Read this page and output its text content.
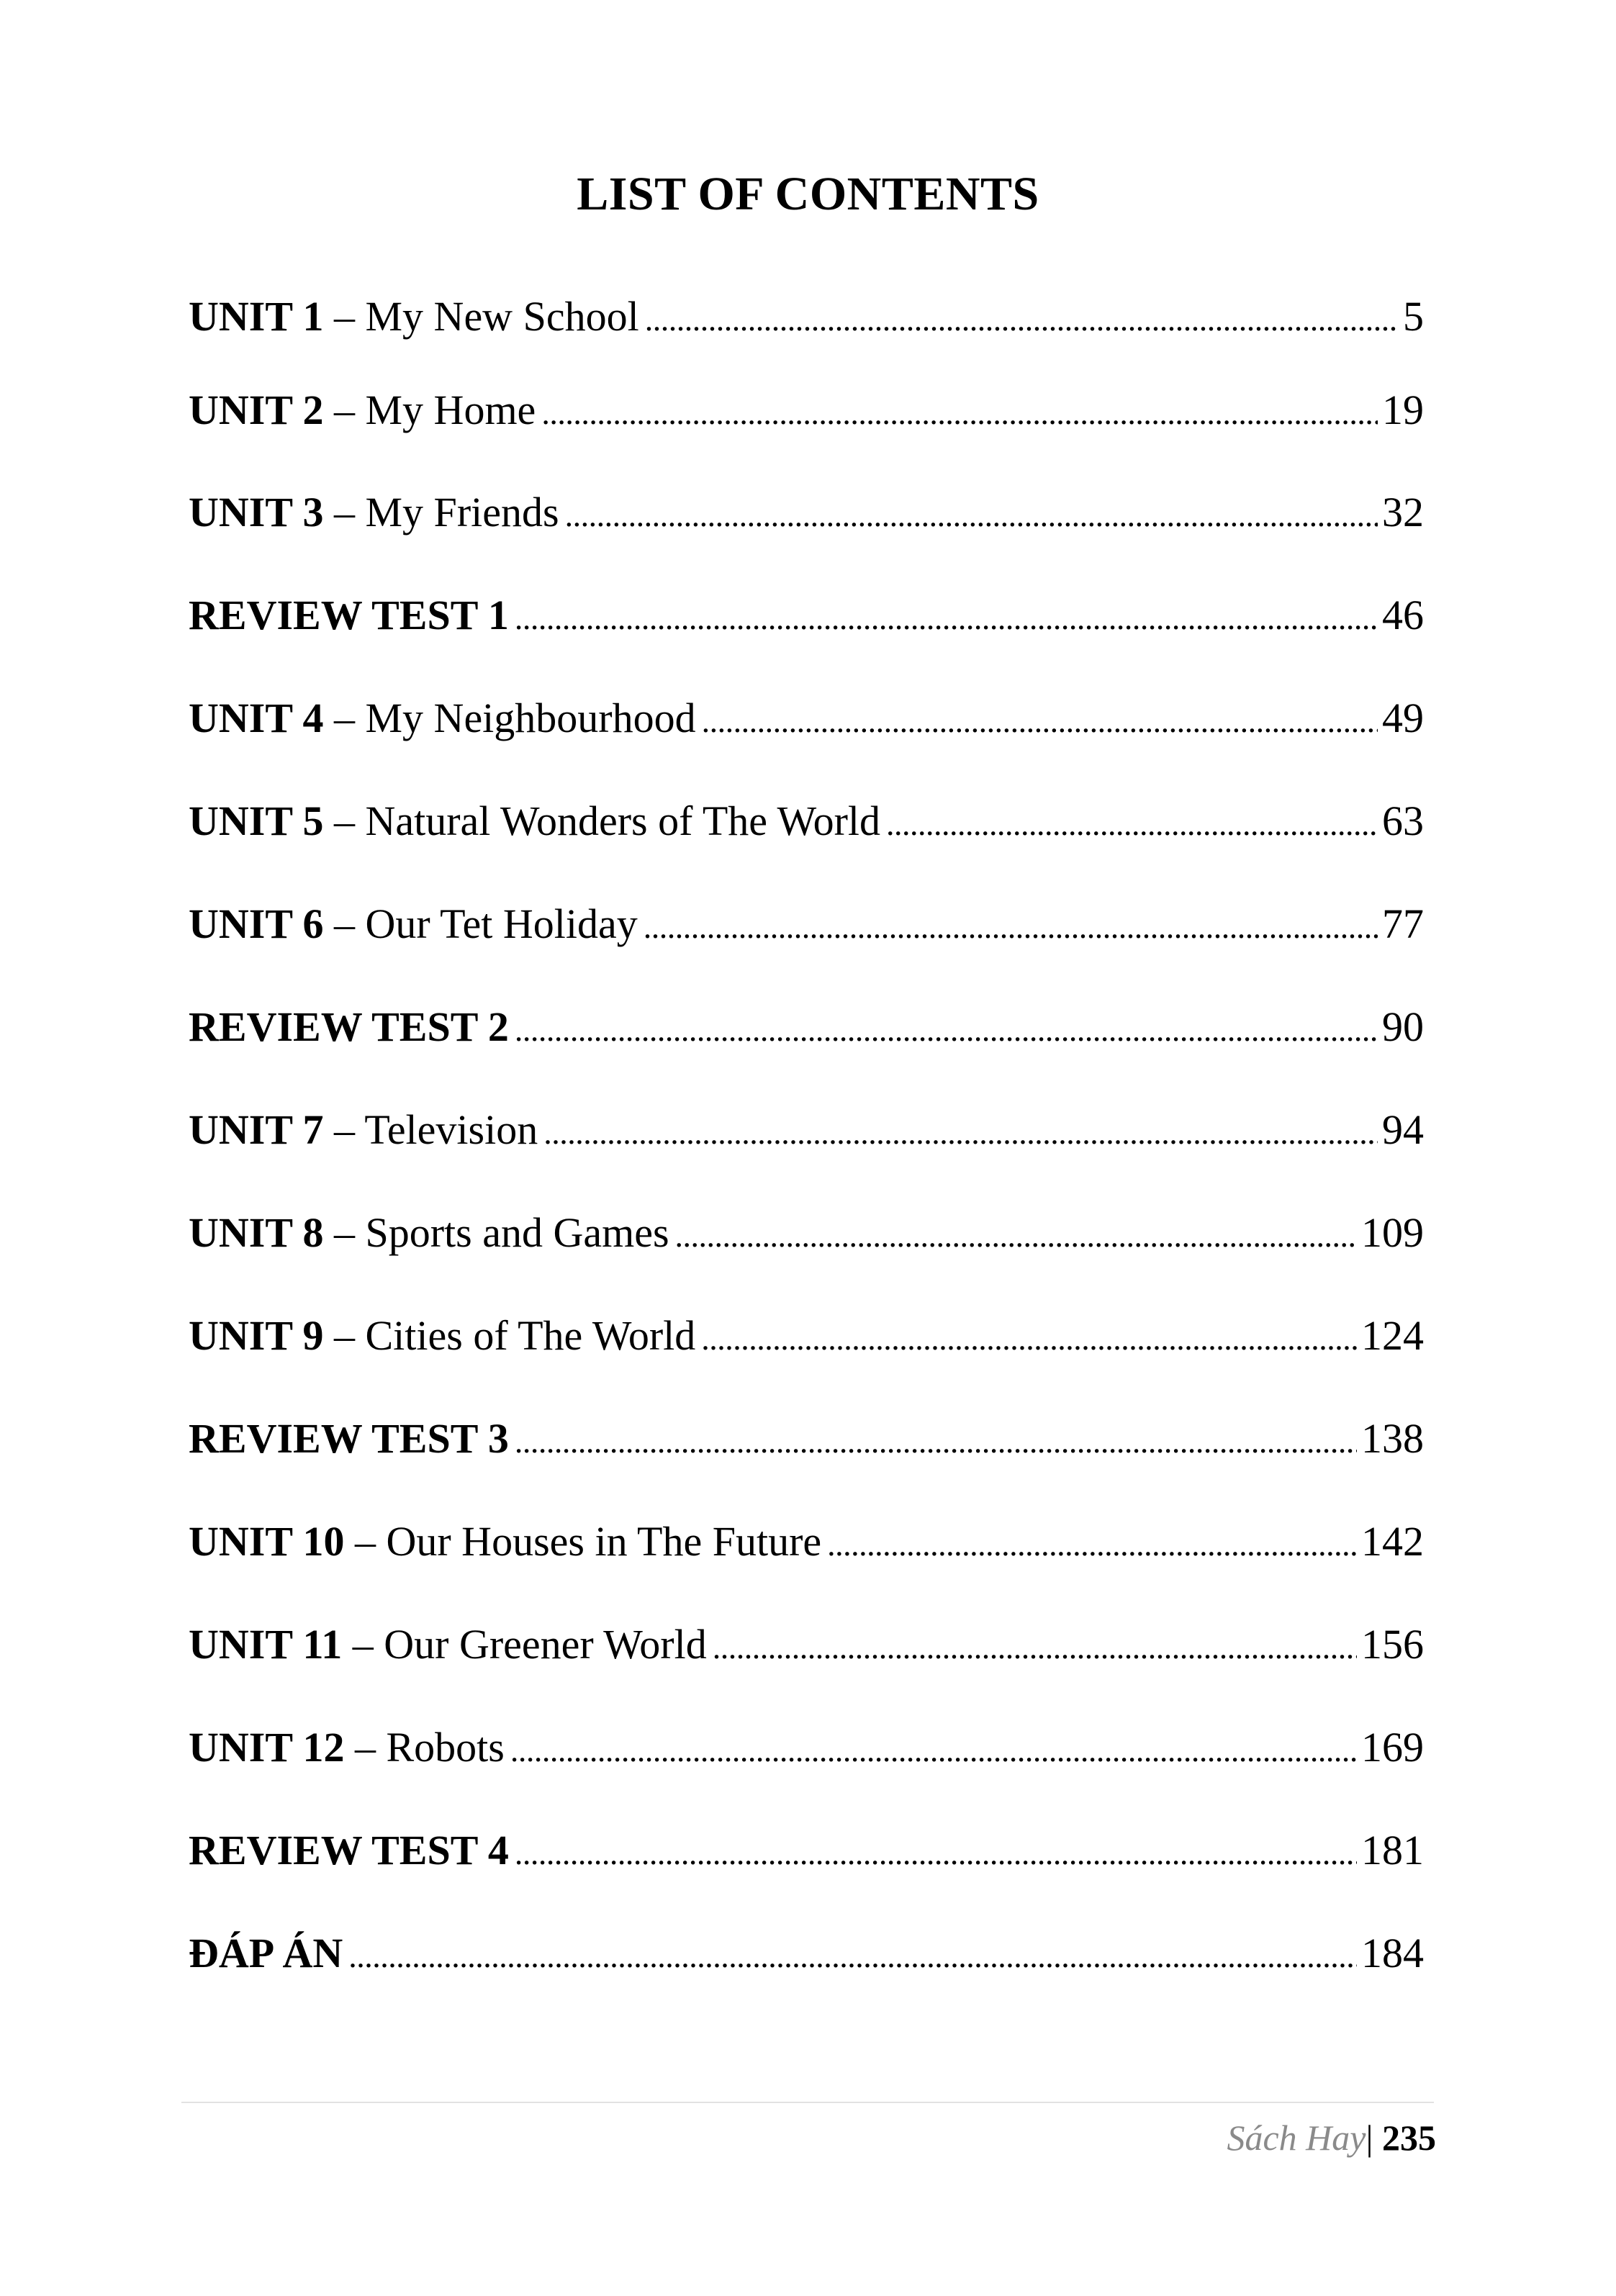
LIST OF CONTENTS
UNIT 1 – My New School . . .	5
UNIT 2 – My Home . . .	19
UNIT 3 – My Friends . . .	32
REVIEW TEST 1 . . .	46
UNIT 4 – My Neighbourhood . . .	49
UNIT 5 – Natural Wonders of The World . . .	63
UNIT 6 – Our Tet Holiday . . .	77
REVIEW TEST 2 . . .	90
UNIT 7 – Television . . .	94
UNIT 8 – Sports and Games . . .	109
UNIT 9 – Cities of The World . . .	124
REVIEW TEST 3 . . .	138
UNIT 10 – Our Houses in The Future . . .	142
UNIT 11 – Our Greener World . . .	156
UNIT 12 – Robots . . .	169
REVIEW TEST 4 . . .	181
ĐÁP ÁN . . .	184
Sách Hay| 235
